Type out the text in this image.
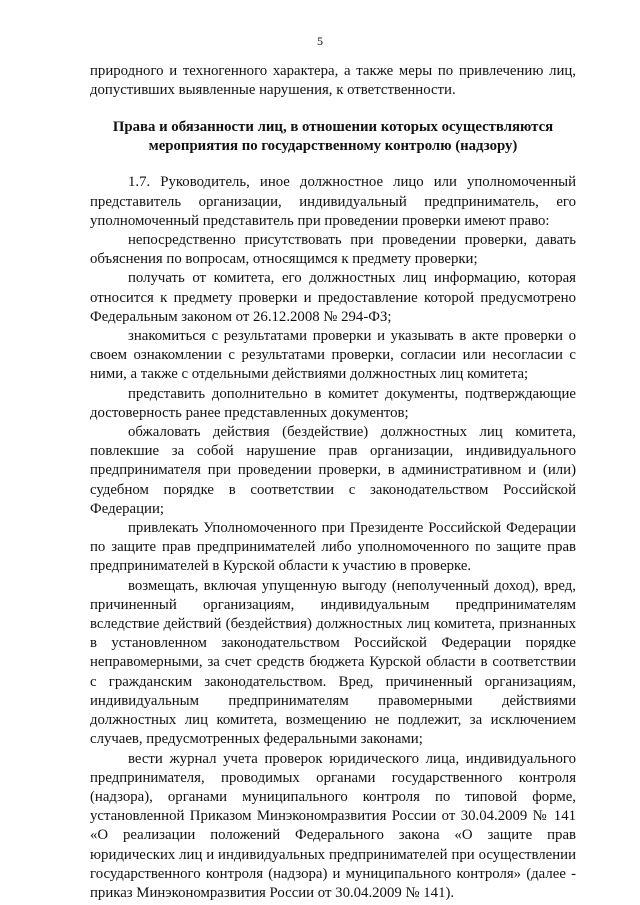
5

природного и техногенного характера, а также меры по привлечению лиц, допустивших выявленные нарушения, к ответственности.

Права и обязанности лиц, в отношении которых осуществляются мероприятия по государственному контролю (надзору)

1.7. Руководитель, иное должностное лицо или уполномоченный представитель организации, индивидуальный предприниматель, его уполномоченный представитель при проведении проверки имеют право:

непосредственно присутствовать при проведении проверки, давать объяснения по вопросам, относящимся к предмету проверки;

получать от комитета, его должностных лиц информацию, которая относится к предмету проверки и предоставление которой предусмотрено Федеральным законом от 26.12.2008 № 294-ФЗ;

знакомиться с результатами проверки и указывать в акте проверки о своем ознакомлении с результатами проверки, согласии или несогласии с ними, а также с отдельными действиями должностных лиц комитета;

представить дополнительно в комитет документы, подтверждающие достоверность ранее представленных документов;

обжаловать действия (бездействие) должностных лиц комитета, повлекшие за собой нарушение прав организации, индивидуального предпринимателя при проведении проверки, в административном и (или) судебном порядке в соответствии с законодательством Российской Федерации;

привлекать Уполномоченного при Президенте Российской Федерации по защите прав предпринимателей либо уполномоченного по защите прав предпринимателей в Курской области к участию в проверке.

возмещать, включая упущенную выгоду (неполученный доход), вред, причиненный организациям, индивидуальным предпринимателям вследствие действий (бездействия) должностных лиц комитета, признанных в установленном законодательством Российской Федерации порядке неправомерными, за счет средств бюджета Курской области в соответствии с гражданским законодательством. Вред, причиненный организациям, индивидуальным предпринимателям правомерными действиями должностных лиц комитета, возмещению не подлежит, за исключением случаев, предусмотренных федеральными законами;

вести журнал учета проверок юридического лица, индивидуального предпринимателя, проводимых органами государственного контроля (надзора), органами муниципального контроля по типовой форме, установленной Приказом Минэкономразвития России от 30.04.2009 № 141 «О реализации положений Федерального закона «О защите прав юридических лиц и индивидуальных предпринимателей при осуществлении государственного контроля (надзора) и муниципального контроля» (далее - приказ Минэкономразвития России от 30.04.2009 № 141).
